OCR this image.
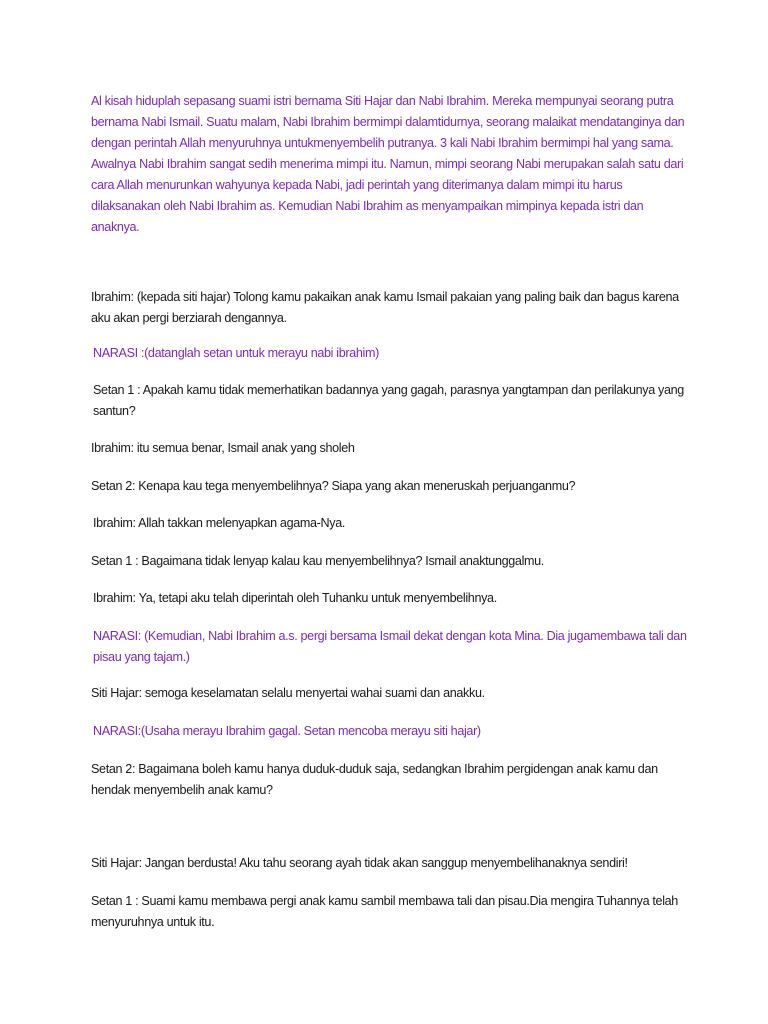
Al kisah hiduplah sepasang suami istri bernama Siti Hajar dan Nabi Ibrahim. Mereka mempunyai seorang putra bernama Nabi Ismail. Suatu malam, Nabi Ibrahim bermimpi dalamtidurnya, seorang malaikat mendatanginya dan dengan perintah Allah menyuruhnya untukmenyembelih putranya. 3 kali Nabi Ibrahim bermimpi hal yang sama. Awalnya Nabi Ibrahim sangat sedih menerima mimpi itu. Namun, mimpi seorang Nabi merupakan salah satu dari cara Allah menurunkan wahyunya kepada Nabi, jadi perintah yang diterimanya dalam mimpi itu harus dilaksanakan oleh Nabi Ibrahim as. Kemudian Nabi Ibrahim as menyampaikan mimpinya kepada istri dan anaknya.

Ibrahim: (kepada siti hajar) Tolong kamu pakaikan anak kamu Ismail pakaian yang paling baik dan bagus karena aku akan pergi berziarah dengannya.

NARASI :(datanglah setan untuk merayu nabi ibrahim)

Setan 1 : Apakah kamu tidak memerhatikan badannya yang gagah, parasnya yangtampan dan perilakunya yang santun?

Ibrahim: itu semua benar, Ismail anak yang sholeh

Setan 2: Kenapa kau tega menyembelihnya? Siapa yang akan meneruskah perjuanganmu?

Ibrahim: Allah takkan melenyapkan agama-Nya.

Setan 1 : Bagaimana tidak lenyap kalau kau menyembelihnya? Ismail anaktunggalmu.

Ibrahim: Ya, tetapi aku telah diperintah oleh Tuhanku untuk menyembelihnya.

NARASI: (Kemudian, Nabi Ibrahim a.s. pergi bersama Ismail dekat dengan kota Mina. Dia jugamembawa tali dan pisau yang tajam.)

Siti Hajar: semoga keselamatan selalu menyertai wahai suami dan anakku.

NARASI:(Usaha merayu Ibrahim gagal. Setan mencoba merayu siti hajar)

Setan 2: Bagaimana boleh kamu hanya duduk-duduk saja, sedangkan Ibrahim pergidengan anak kamu dan hendak menyembelih anak kamu?

Siti Hajar: Jangan berdusta! Aku tahu seorang ayah tidak akan sanggup menyembelihanaknya sendiri!

Setan 1 : Suami kamu membawa pergi anak kamu sambil membawa tali dan pisau.Dia mengira Tuhannya telah menyuruhnya untuk itu.
